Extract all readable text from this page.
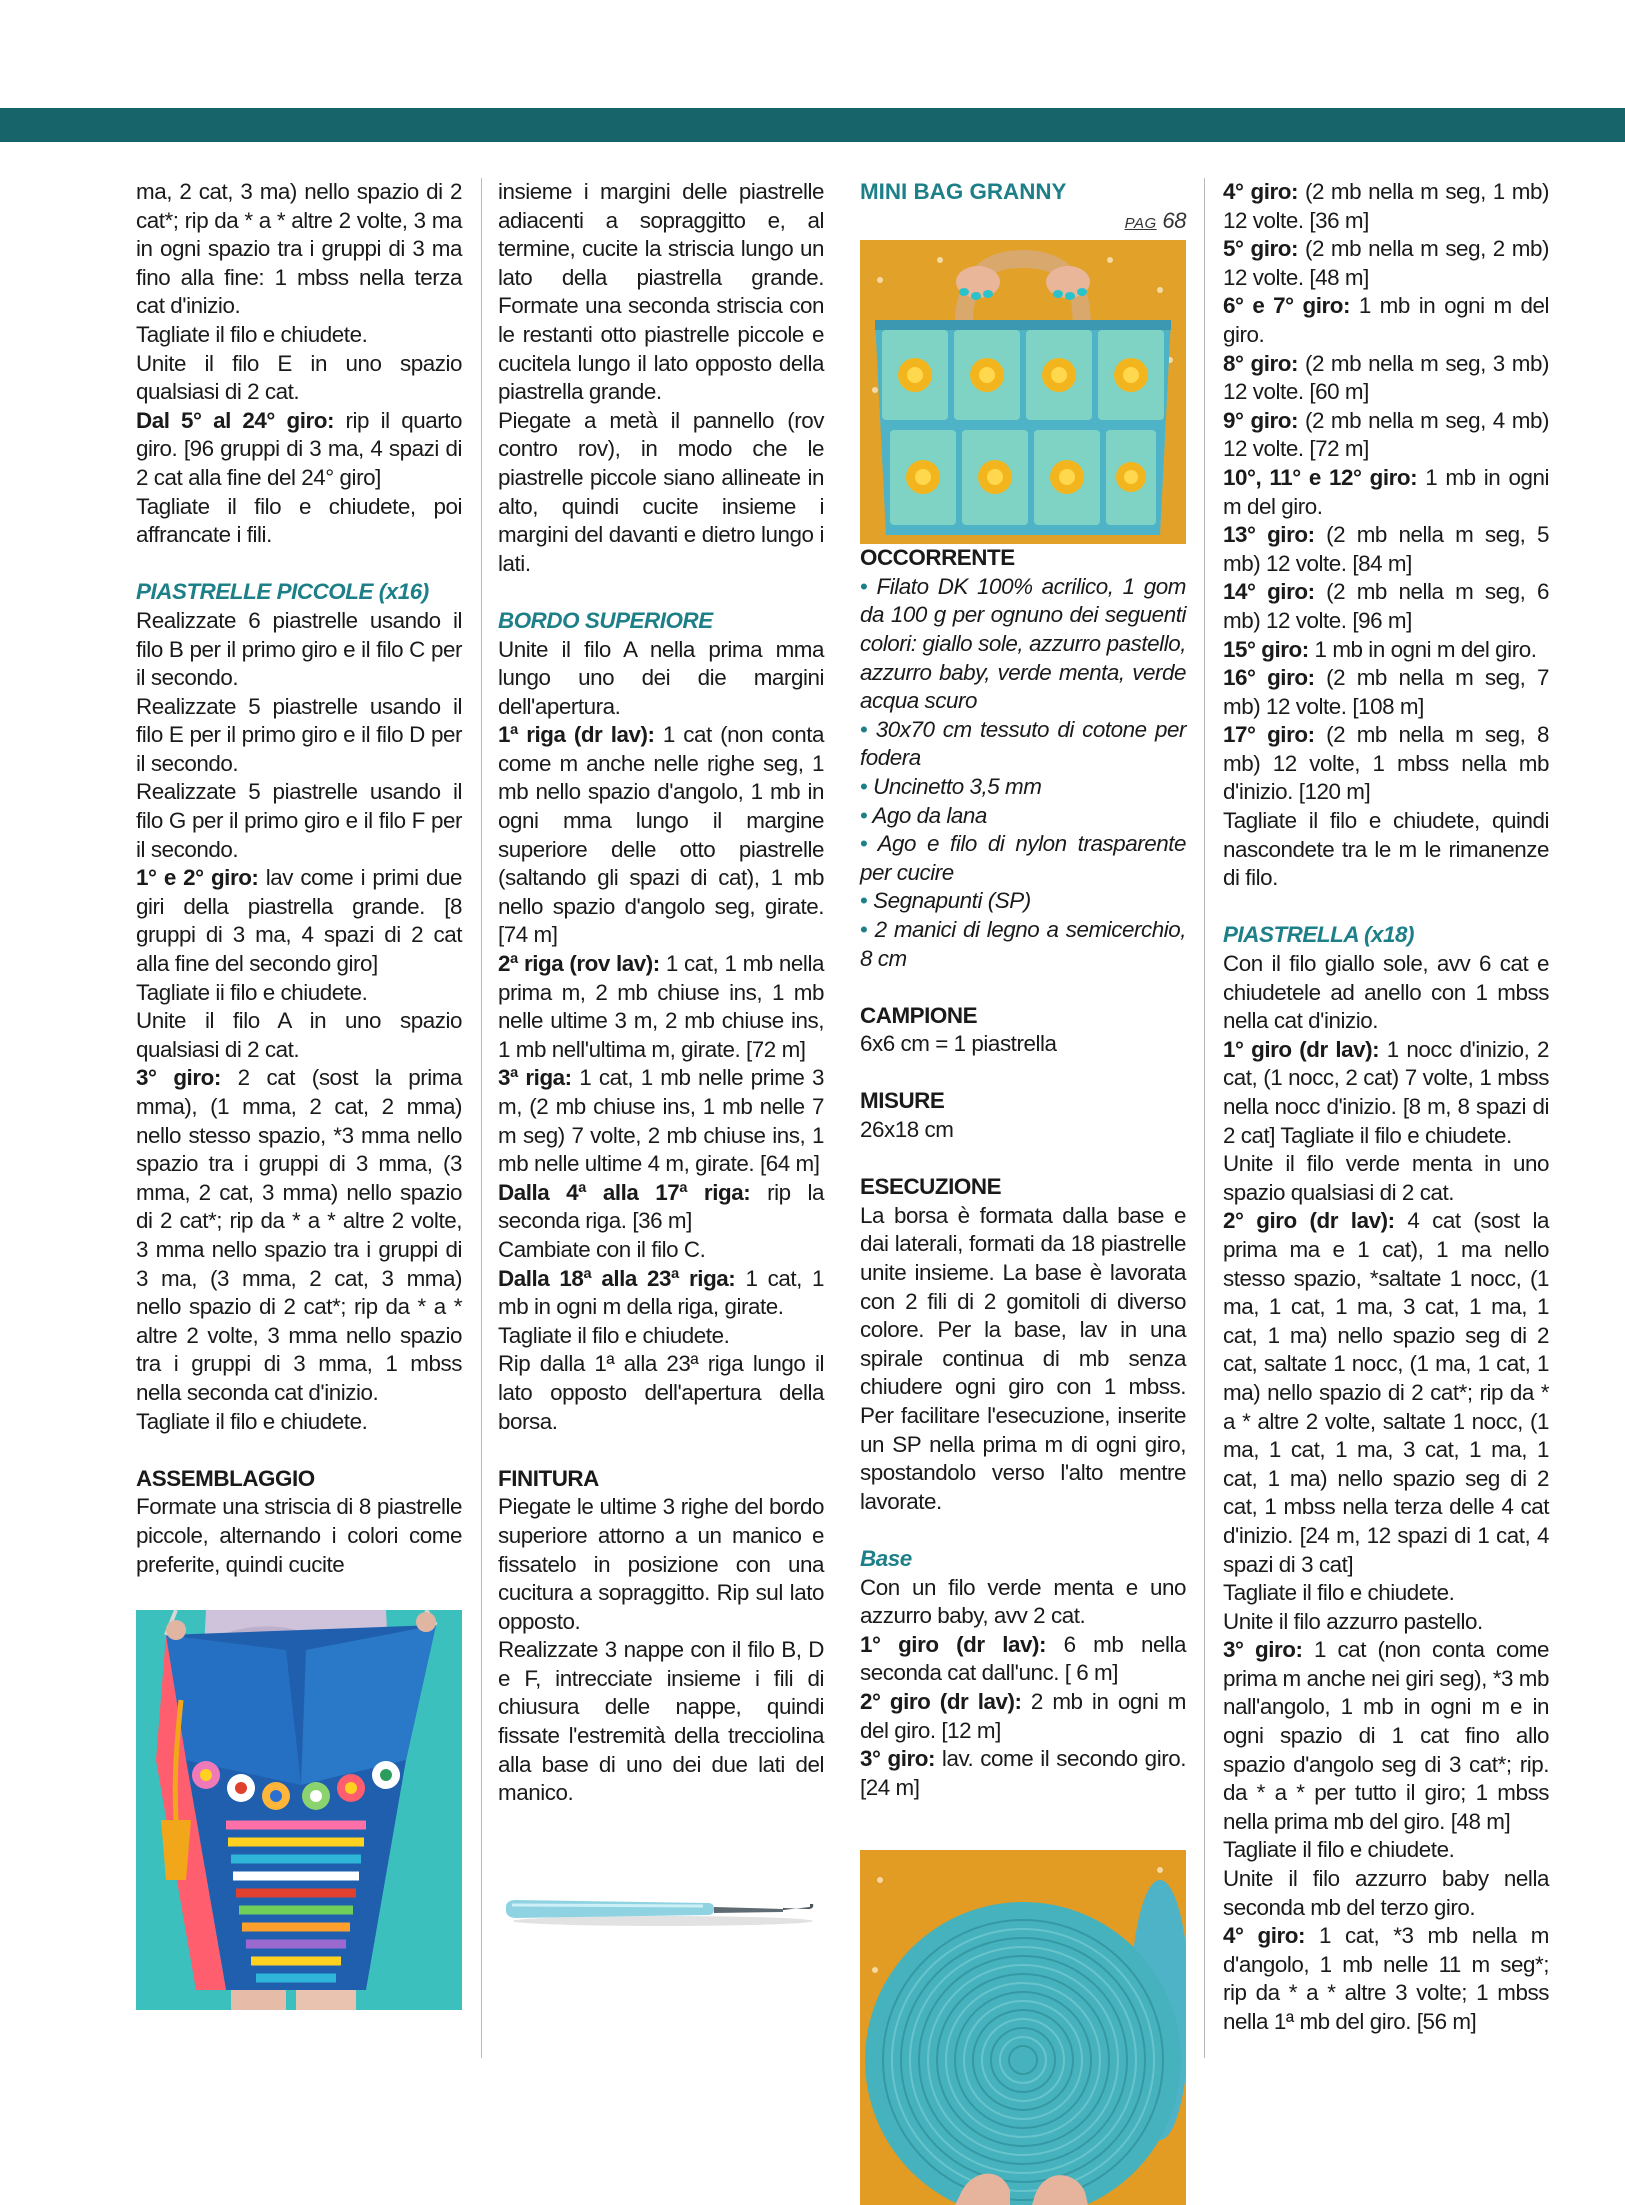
ma, 2 cat, 3 ma) nello spazio di 2 cat*; rip da * a * altre 2 volte, 3 ma in ogni spazio tra i gruppi di 3 ma fino alla fine: 1 mbss nella terza cat d'inizio.

Tagliate il filo e chiudete.

Unite il filo E in uno spazio qualsiasi di 2 cat.

Dal 5° al 24° giro: rip il quarto giro. [96 gruppi di 3 ma, 4 spazi di 2 cat alla fine del 24° giro]

Tagliate il filo e chiudete, poi affrancate i fili.

PIASTRELLE PICCOLE (x16)

Realizzate 6 piastrelle usando il filo B per il primo giro e il filo C per il secondo.

Realizzate 5 piastrelle usando il filo E per il primo giro e il filo D per il secondo.

Realizzate 5 piastrelle usando il filo G per il primo giro e il filo F per il secondo.

1° e 2° giro: lav come i primi due giri della piastrella grande. [8 gruppi di 3 ma, 4 spazi di 2 cat alla fine del secondo giro]

Tagliate ii filo e chiudete.

Unite il filo A in uno spazio qualsiasi di 2 cat.

3° giro: 2 cat (sost la prima mma), (1 mma, 2 cat, 2 mma) nello stesso spazio, *3 mma nello spazio tra i gruppi di 3 mma, (3 mma, 2 cat, 3 mma) nello spazio di 2 cat*; rip da * a * altre 2 volte, 3 mma nello spazio tra i gruppi di 3 ma, (3 mma, 2 cat, 3 mma) nello spazio di 2 cat*; rip da * a * altre 2 volte, 3 mma nello spazio tra i gruppi di 3 mma, 1 mbss nella seconda cat d'inizio.

Tagliate il filo e chiudete.

ASSEMBLAGGIO

Formate una striscia di 8 piastrelle piccole, alternando i colori come preferite, quindi cucite

insieme i margini delle piastrelle adiacenti a sopraggitto e, al termine, cucite la striscia lungo un lato della piastrella grande. Formate una seconda striscia con le restanti otto piastrelle piccole e cucitela lungo il lato opposto della piastrella grande.

Piegate a metà il pannello (rov contro rov), in modo che le piastrelle piccole siano allineate in alto, quindi cucite insieme i margini del davanti e dietro lungo i lati.

BORDO SUPERIORE

Unite il filo A nella prima mma lungo uno dei die margini dell'apertura.

1ª riga (dr lav): 1 cat (non conta come m anche nelle righe seg, 1 mb nello spazio d'angolo, 1 mb in ogni mma lungo il margine superiore delle otto piastrelle (saltando gli spazi di cat), 1 mb nello spazio d'angolo seg, girate. [74 m]

2ª riga (rov lav): 1 cat, 1 mb nella prima m, 2 mb chiuse ins, 1 mb nelle ultime 3 m, 2 mb chiuse ins, 1 mb nell'ultima m, girate. [72 m]

3ª riga: 1 cat, 1 mb nelle prime 3 m, (2 mb chiuse ins, 1 mb nelle 7 m seg) 7 volte, 2 mb chiuse ins, 1 mb nelle ultime 4 m, girate. [64 m]

Dalla 4ª alla 17ª riga: rip la seconda riga. [36 m]

Cambiate con il filo C.

Dalla 18ª alla 23ª riga: 1 cat, 1 mb in ogni m della riga, girate.

Tagliate il filo e chiudete.

Rip dalla 1ª alla 23ª riga lungo il lato opposto dell'apertura della borsa.

FINITURA

Piegate le ultime 3 righe del bordo superiore attorno a un manico e fissatelo in posizione con una cucitura a sopraggitto. Rip sul lato opposto.

Realizzate 3 nappe con il filo B, D e F, intrecciate insieme i fili di chiusura delle nappe, quindi fissate l'estremità della trecciolina alla base di uno dei due lati del manico.

MINI BAG GRANNY

PAG 68

OCCORRENTE

• Filato DK 100% acrilico, 1 gom da 100 g per ognuno dei seguenti colori: giallo sole, azzurro pastello, azzurro baby, verde menta, verde acqua scuro

• 30x70 cm tessuto di cotone per fodera

• Uncinetto 3,5 mm

• Ago da lana

• Ago e filo di nylon trasparente per cucire

• Segnapunti (SP)

• 2 manici di legno a semicerchio, 8 cm

CAMPIONE

6x6 cm = 1 piastrella

MISURE

26x18 cm

ESECUZIONE

La borsa è formata dalla base e dai laterali, formati da 18 piastrelle unite insieme. La base è lavorata con 2 fili di 2 gomitoli di diverso colore. Per la base, lav in una spirale continua di mb senza chiudere ogni giro con 1 mbss. Per facilitare l'esecuzione, inserite un SP nella prima m di ogni giro, spostandolo verso l'alto mentre lavorate.

Base

Con un filo verde menta e uno azzurro baby, avv 2 cat.

1° giro (dr lav): 6 mb nella seconda cat dall'unc. [ 6 m]

2° giro (dr lav): 2 mb in ogni m del giro. [12 m]

3° giro: lav. come il secondo giro. [24 m]

4° giro: (2 mb nella m seg, 1 mb) 12 volte. [36 m]

5° giro: (2 mb nella m seg, 2 mb) 12 volte. [48 m]

6° e 7° giro: 1 mb in ogni m del giro.

8° giro: (2 mb nella m seg, 3 mb) 12 volte. [60 m]

9° giro: (2 mb nella m seg, 4 mb) 12 volte. [72 m]

10°, 11° e 12° giro: 1 mb in ogni m del giro.

13° giro: (2 mb nella m seg, 5 mb) 12 volte. [84 m]

14° giro: (2 mb nella m seg, 6 mb) 12 volte. [96 m]

15° giro: 1 mb in ogni m del giro.

16° giro: (2 mb nella m seg, 7 mb) 12 volte. [108 m]

17° giro: (2 mb nella m seg, 8 mb) 12 volte, 1 mbss nella mb d'inizio. [120 m]

Tagliate il filo e chiudete, quindi nascondete tra le m le rimanenze di filo.

PIASTRELLA (x18)

Con il filo giallo sole, avv 6 cat e chiudetele ad anello con 1 mbss nella cat d'inizio.

1° giro (dr lav): 1 nocc d'inizio, 2 cat, (1 nocc, 2 cat) 7 volte, 1 mbss nella nocc d'inizio. [8 m, 8 spazi di 2 cat] Tagliate il filo e chiudete.

Unite il filo verde menta in uno spazio qualsiasi di 2 cat.

2° giro (dr lav): 4 cat (sost la prima ma e 1 cat), 1 ma nello stesso spazio, *saltate 1 nocc, (1 ma, 1 cat, 1 ma, 3 cat, 1 ma, 1 cat, 1 ma) nello spazio seg di 2 cat, saltate 1 nocc, (1 ma, 1 cat, 1 ma) nello spazio di 2 cat*; rip da * a * altre 2 volte, saltate 1 nocc, (1 ma, 1 cat, 1 ma, 3 cat, 1 ma, 1 cat, 1 ma) nello spazio seg di 2 cat, 1 mbss nella terza delle 4 cat d'inizio. [24 m, 12 spazi di 1 cat, 4 spazi di 3 cat]

Tagliate il filo e chiudete.

Unite il filo azzurro pastello.

3° giro: 1 cat (non conta come prima m anche nei giri seg), *3 mb nall'angolo, 1 mb in ogni m e in ogni spazio di 1 cat fino allo spazio d'angolo seg di 3 cat*; rip. da * a * per tutto il giro; 1 mbss nella prima mb del giro. [48 m]

Tagliate il filo e chiudete.

Unite il filo azzurro baby nella seconda mb del terzo giro.

4° giro: 1 cat, *3 mb nella m d'angolo, 1 mb nelle 11 m seg*; rip da * a * altre 3 volte; 1 mbss nella 1ª mb del giro. [56 m]
